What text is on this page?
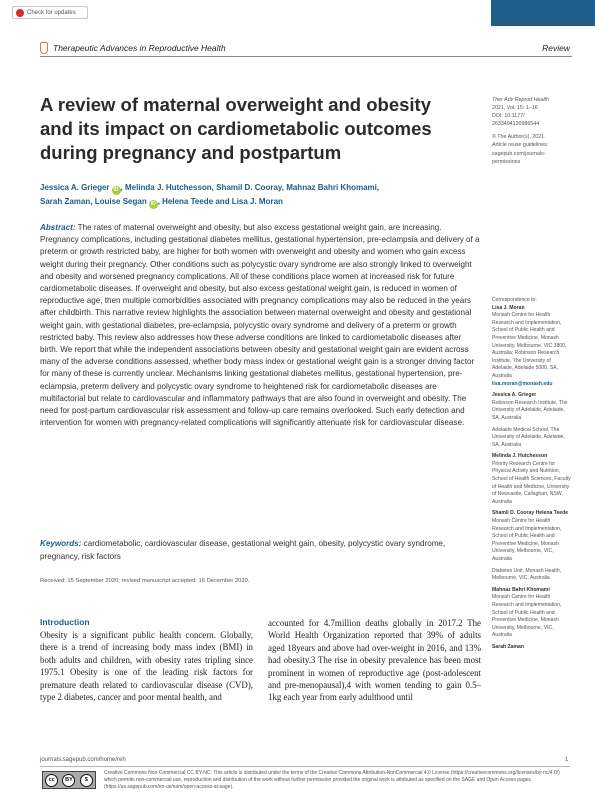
Check for updates
Therapeutic Advances in Reproductive Health	Review
A review of maternal overweight and obesity
and its impact on cardiometabolic outcomes
during pregnancy and postpartum
Jessica A. Grieger iD , Melinda J. Hutchesson, Shamil D. Cooray, Mahnaz Bahri Khomami,
Sarah Zaman, Louise Segan iD , Helena Teede and Lisa J. Moran

Abstract: The rates of maternal overweight and obesity, but also excess gestational weight gain, are increasing. Pregnancy complications, including gestational diabetes mellitus, gestational hypertension, pre-eclampsia and delivery of a preterm or growth restricted baby, are higher for both women with overweight and obesity and women who gain excess weight during their pregnancy. Other conditions such as polycystic ovary syndrome are also strongly linked to overweight and obesity and worsened pregnancy complications. All of these conditions place women at increased risk for future cardiometabolic diseases. If overweight and obesity, but also excess gestational weight gain, is reduced in women of reproductive age, then multiple comorbidities associated with pregnancy complications may also be reduced in the years after childbirth. This narrative review highlights the association between maternal overweight and obesity and gestational weight gain, with gestational diabetes, pre-eclampsia, polycystic ovary syndrome and delivery of a preterm or growth restricted baby. This review also addresses how these adverse conditions are linked to cardiometabolic diseases after birth. We report that while the independent associations between obesity and gestational weight gain are evident across many of the adverse conditions assessed, whether body mass index or gestational weight gain is a stronger driving factor for many of these is currently unclear. Mechanisms linking gestational diabetes mellitus, gestational hypertension, pre-eclampsia, preterm delivery and polycystic ovary syndrome to heightened risk for cardiometabolic diseases are multifactorial but relate to cardiovascular and inflammatory pathways that are also found in overweight and obesity. The need for post-partum cardiovascular risk assessment and follow-up care remains overlooked. Such early detection and intervention for women with pregnancy-related complications will significantly attenuate risk for cardiovascular disease.

Keywords: cardiometabolic, cardiovascular disease, gestational weight gain, obesity, polycystic ovary syndrome, pregnancy, risk factors

Received: 15 September 2020; revised manuscript accepted: 16 December 2020.

Introduction

Obesity is a significant public health concern. Globally, there is a trend of increasing body mass index (BMI) in both adults and children, with obesity rates tripling since 1975.1 Obesity is one of the leading risk factors for premature death related to cardiovascular disease (CVD), type 2 diabetes, cancer and poor mental health, and

accounted for 4.7million deaths globally in 2017.2 The World Health Organization reported that 39% of adults aged 18years and above had over-weight in 2016, and 13% had obesity.3 The rise in obesity prevalence has been most prominent in women of reproductive age (post-adolescent and pre-menopausal),4 with women tending to gain 0.5–1kg each year from early adulthood until

Ther Adv Reprod Health
2021, Vol. 15: 1–16
DOI: 10.1177/
2633494120986544
© The Author(s), 2021.
Article reuse guidelines:
sagepub.com/journals-
permissions
Correspondence to:
Lisa J. Moran
Monash Centre for Health Research and Implementation, School of Public Health and Preventive Medicine, Monash University, Melbourne, VIC 3800, Australia; Robinson Research Institute, The University of Adelaide, Adelaide 5000, SA, Australia
lisa.moran@monash.edu
Jessica A. Grieger
Robinson Research Institute, The University of Adelaide, Adelaide, SA, Australia
Adelaide Medical School, The University of Adelaide, Adelaide, SA, Australia
Melinda J. Hutchesson
Priority Research Centre for Physical Activity and Nutrition, School of Health Sciences, Faculty of Health and Medicine, University of Newcastle, Callaghan, NSW, Australia
Shamil D. Cooray Helena Teede
Monash Centre for Health Research and Implementation, School of Public Health and Preventive Medicine, Monash University, Melbourne, VIC, Australia
Diabetes Unit, Monash Health, Melbourne, VIC, Australia
Mahnaz Bahri Khomami
Monash Centre for Health Research and Implementation, School of Public Health and Preventive Medicine, Monash University, Melbourne, VIC, Australia
Sarah Zaman
journals.sagepub.com/home/reh	1
cc	BY	$

Creative Commons Non Commercial CC BY-NC: This article is distributed under the terms of the Creative Commons Attribution-NonCommercial 4.0 License (https://creativecommons.org/licenses/by-nc/4.0/) which permits non-commercial use, reproduction and distribution of the work without further permission provided the original work is attributed as specified on the SAGE and Open Access pages (https://us.sagepub.com/en-us/nam/open-access-at-sage).
